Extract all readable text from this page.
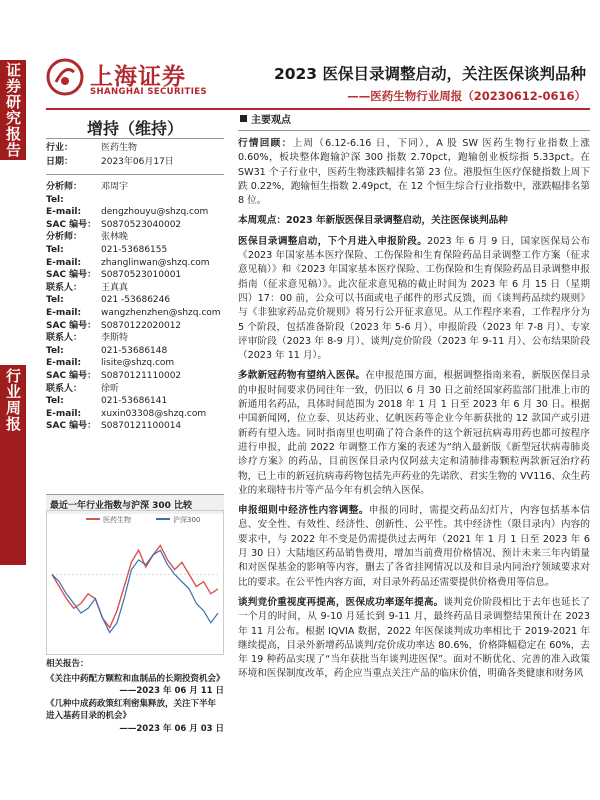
证券研究报告
行业周报
上海证券
SHANGHAI SECURITIES
2023 医保目录调整启动，关注医保谈判品种
——医药生物行业周报（20230612-0616）
增持（维持）
行业：	医药生物
日期：	2023年06月17日
分析师： 邓周宇
Tel:
E-mail: dengzhouyu@shzq.com
SAC 编号： S0870523040002
分析师： 张林晚
Tel:	021-53686155
E-mail: zhanglinwan@shzq.com
SAC 编号： S0870523010001
联系人： 王真真
Tel:	021 -53686246
E-mail: wangzhenzhen@shzq.com
SAC 编号： S0870122020012
联系人： 李斯特
Tel:	021-53686148
E-mail: lisite@shzq.com
SAC 编号： S0870121110002
联系人： 徐昕
Tel:	021-53686141
E-mail: xuxin03308@shzq.com
SAC 编号： S0870121100014
最近一年行业指数与沪深 300 比较
医药生物	沪深300
相关报告：
《关注中药配方颗粒和血制品的长期投资机会》
——2023 年 06 月 11 日
《几种中成药政策红利密集释放，关注下半年进入基药目录的机会》
——2023 年 06 月 03 日
主要观点

行情回顾：上周（6.12-6.16 日，下同），A 股 SW 医药生物行业指数上涨 0.60%，板块整体跑输沪深 300 指数 2.70pct，跑输创业板综指 5.33pct。在 SW31 个子行业中，医药生物涨跌幅排名第 23 位。港股恒生医疗保健指数上周下跌 0.22%，跑输恒生指数 2.49pct，在 12 个恒生综合行业指数中，涨跌幅排名第 8 位。

本周观点：2023 年新版医保目录调整启动，关注医保谈判品种

医保目录调整启动，下个月进入申报阶段。2023 年 6 月 9 日，国家医保局公布《2023 年国家基本医疗保险、工伤保险和生育保险药品目录调整工作方案（征求意见稿）》和《2023 年国家基本医疗保险、工伤保险和生育保险药品目录调整申报指南（征求意见稿）》。此次征求意见稿的截止时间为 2023 年 6 月 15 日（星期四）17：00 前，公众可以书面或电子邮件的形式反馈，而《谈判药品续约规则》与《非独家药品竞价规则》将另行公开征求意见。从工作程序来看，工作程序分为 5 个阶段，包括准备阶段（2023 年 5-6 月）、申报阶段（2023 年 7-8 月）、专家评审阶段（2023 年 8-9 月）、谈判/竞价阶段（2023 年 9-11 月）、公布结果阶段（2023 年 11 月）。

多款新冠药物有望纳入医保。在申报范围方面，根据调整指南来看，新版医保目录的申报时间要求仍同往年一致，仍旧以 6 月 30 日之前经国家药监部门批准上市的新通用名药品，具体时间范围为 2018 年 1 月 1 日至 2023 年 6 月 30 日。根据中国新闻网，位立泰、贝达药业、亿帆医药等企业今年新获批的 12 款国产或引进新药有望入选。同时指南里也明确了符合条件的这个新冠抗病毒用药也都可按程序进行申报，此前 2022 年调整工作方案的表述为“纳入最新版《新型冠状病毒肺炎诊疗方案》的药品，目前医保目录内仅阿兹夫定和清肺排毒颗粒两款新冠治疗药物，已上市的新冠抗病毒药物包括先声药业的先诺欣、君实生物的 VV116、众生药业的来瑞特韦片等产品今年有机会纳入医保。

申报细则中经济性内容调整。申报的同时，需提交药品幻灯片，内容包括基本信息、安全性、有效性、经济性、创新性、公平性。其中经济性（限目录内）内容的要求中，与 2022 年不变是仍需提供过去两年（2021 年 1 月 1 日至 2023 年 6 月 30 日）大陆地区药品销售费用，增加当前费用价格情况、预计未来三年内销量和对医保基金的影响等内容，删去了各省挂网情况以及和目录内同治疗领域要求对比的要求。在公平性内容方面，对目录外药品还需要提供价格费用等信息。

谈判竞价重视度再提高，医保成功率逐年提高。谈判竞价阶段相比于去年也延长了一个月的时间，从 9-10 月延长到 9-11 月，最终药品目录调整结果预计在 2023 年 11 月公布。根据 IQVIA 数据，2022 年医保谈判成功率相比于 2019-2021 年继续提高，目录外新增药品谈判/竞价成功率达 80.6%，价格降幅稳定在 60%，去年 19 种药品实现了“当年获批当年谈判进医保”。面对不断优化、完善的准入政策环境和医保制度改革，药企应当重点关注产品的临床价值，明确各类健康和财务风
